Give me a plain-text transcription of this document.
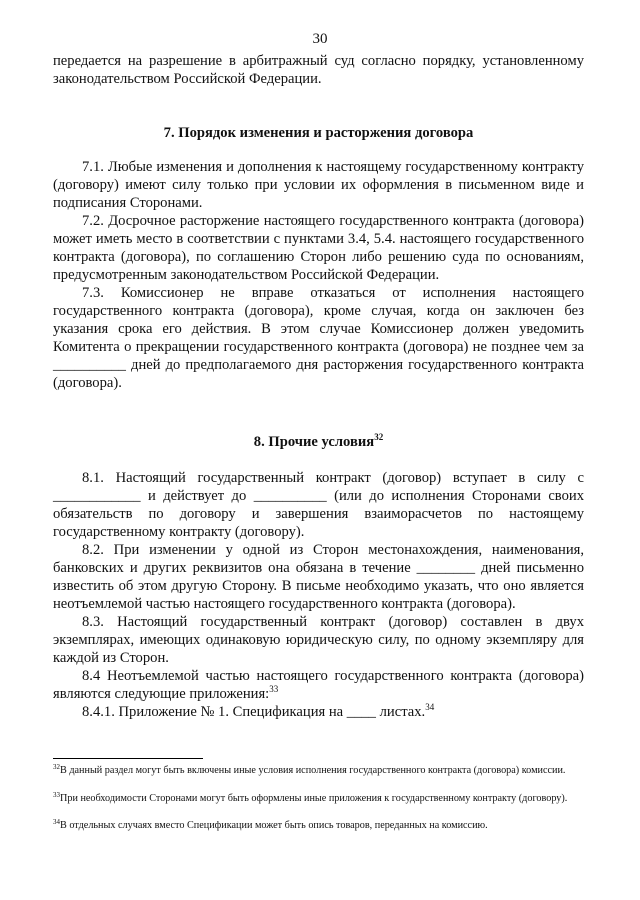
30

передается на разрешение в арбитражный суд согласно порядку, установленному законодательством Российской Федерации.

7. Порядок изменения и расторжения договора

7.1. Любые изменения и дополнения к настоящему государственному контракту (договору) имеют силу только при условии их оформления в письменном виде и подписания Сторонами.

7.2. Досрочное расторжение настоящего государственного контракта (договора) может иметь место в соответствии с пунктами 3.4, 5.4. настоящего государственного контракта (договора), по соглашению Сторон либо решению суда по основаниям, предусмотренным законодательством Российской Федерации.

7.3. Комиссионер не вправе отказаться от исполнения настоящего государственного контракта (договора), кроме случая, когда он заключен без указания срока его действия. В этом случае Комиссионер должен уведомить Комитента о прекращении государственного контракта (договора) не позднее чем за __________ дней до предполагаемого дня расторжения государственного контракта (договора).

8. Прочие условия$^{32}$

8.1. Настоящий государственный контракт (договор) вступает в силу с ____________ и действует до __________ (или до исполнения Сторонами своих обязательств по договору и завершения взаиморасчетов по настоящему государственному контракту (договору).

8.2. При изменении у одной из Сторон местонахождения, наименования, банковских и других реквизитов она обязана в течение ________ дней письменно известить об этом другую Сторону. В письме необходимо указать, что оно является неотъемлемой частью настоящего государственного контракта (договора).

8.3. Настоящий государственный контракт (договор) составлен в двух экземплярах, имеющих одинаковую юридическую силу, по одному экземпляру для каждой из Сторон.

8.4 Неотъемлемой частью настоящего государственного контракта (договора) являются следующие приложения:$^{33}$

8.4.1. Приложение № 1. Спецификация на ____ листах.$^{34}$

$^{32}$В данный раздел могут быть включены иные условия исполнения государственного контракта (договора) комиссии.

$^{33}$При необходимости Сторонами могут быть оформлены иные приложения к государственному контракту (договору).

$^{34}$В отдельных случаях вместо Спецификации может быть опись товаров, переданных на комиссию.
